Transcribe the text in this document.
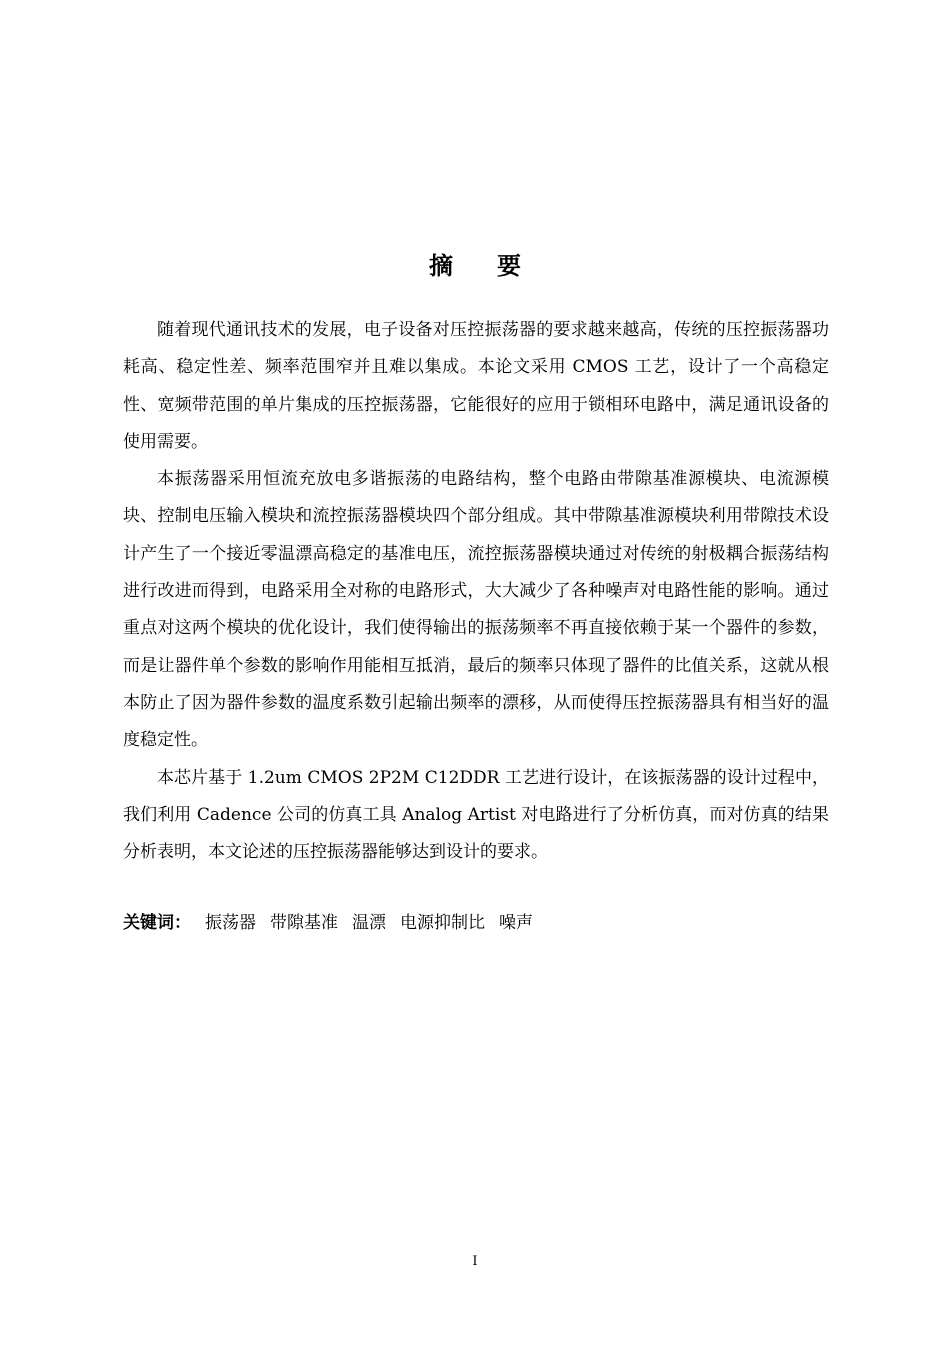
摘要

随着现代通讯技术的发展，电子设备对压控振荡器的要求越来越高，传统的压控振荡器功耗高、稳定性差、频率范围窄并且难以集成。本论文采用 CMOS 工艺，设计了一个高稳定性、宽频带范围的单片集成的压控振荡器，它能很好的应用于锁相环电路中，满足通讯设备的使用需要。

本振荡器采用恒流充放电多谐振荡的电路结构，整个电路由带隙基准源模块、电流源模块、控制电压输入模块和流控振荡器模块四个部分组成。其中带隙基准源模块利用带隙技术设计产生了一个接近零温漂高稳定的基准电压，流控振荡器模块通过对传统的射极耦合振荡结构进行改进而得到，电路采用全对称的电路形式，大大减少了各种噪声对电路性能的影响。通过重点对这两个模块的优化设计，我们使得输出的振荡频率不再直接依赖于某一个器件的参数，而是让器件单个参数的影响作用能相互抵消，最后的频率只体现了器件的比值关系，这就从根本防止了因为器件参数的温度系数引起输出频率的漂移，从而使得压控振荡器具有相当好的温度稳定性。

本芯片基于 1.2um CMOS 2P2M C12DDR 工艺进行设计，在该振荡器的设计过程中，我们利用 Cadence 公司的仿真工具 Analog Artist 对电路进行了分析仿真，而对仿真的结果分析表明，本文论述的压控振荡器能够达到设计的要求。

关键词： 振荡器 带隙基准 温漂 电源抑制比 噪声
I
